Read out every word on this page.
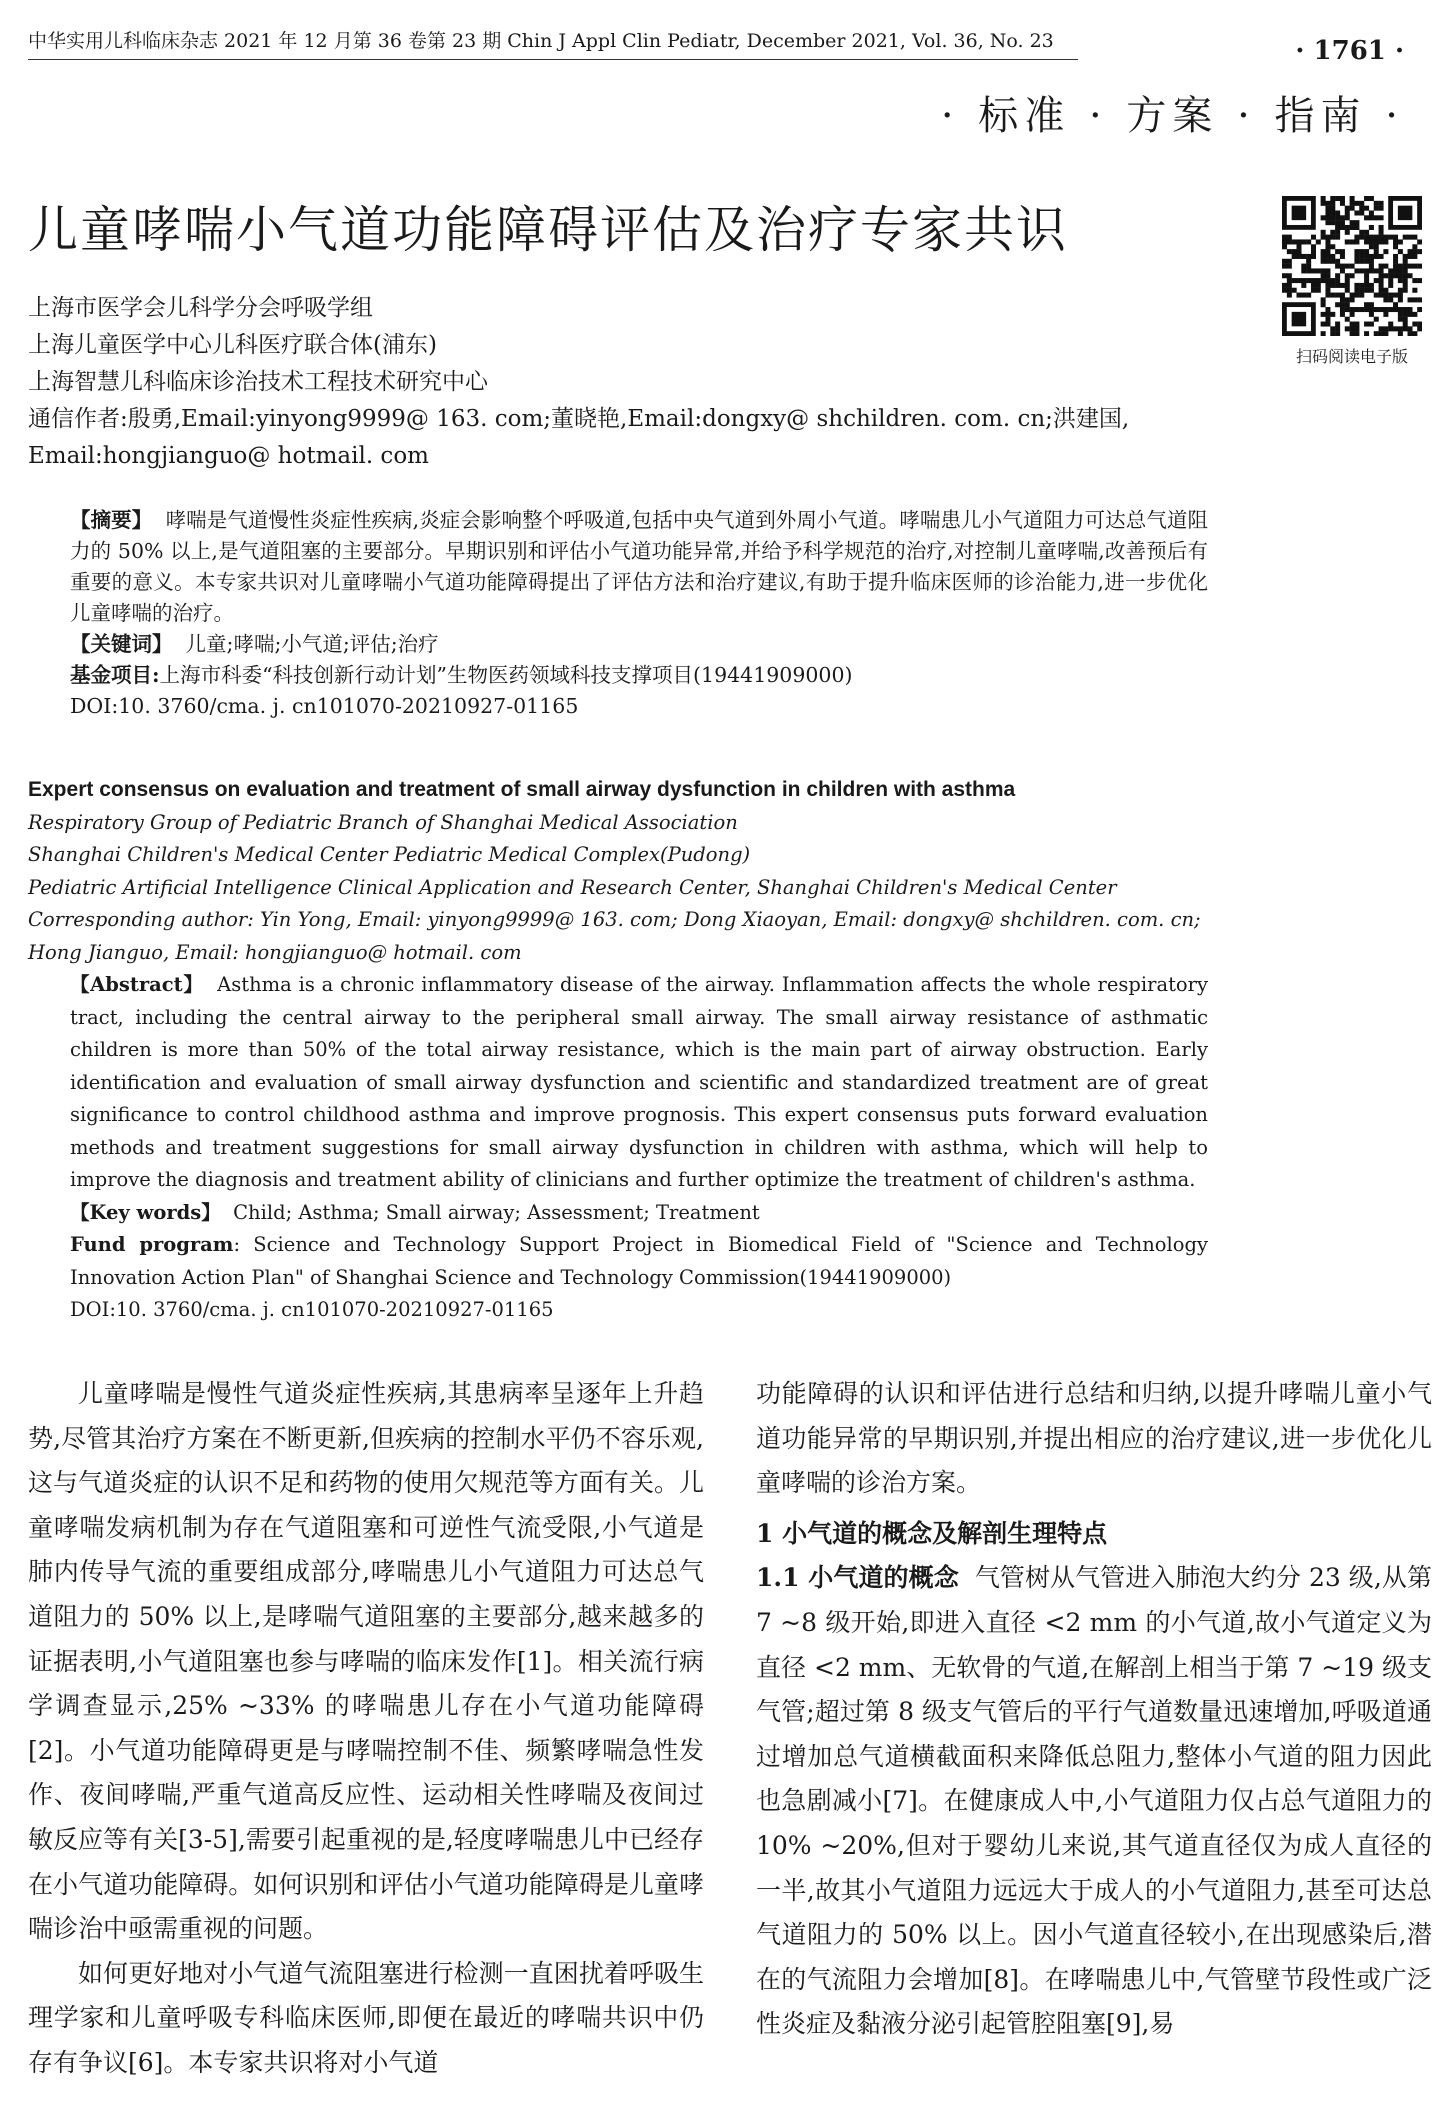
中华实用儿科临床杂志 2021 年 12 月第 36 卷第 23 期 Chin J Appl Clin Pediatr, December 2021, Vol. 36, No. 23	· 1761 ·
· 标准 · 方案 · 指南 ·
儿童哮喘小气道功能障碍评估及治疗专家共识
扫码阅读电子版
上海市医学会儿科学分会呼吸学组
上海儿童医学中心儿科医疗联合体(浦东)
上海智慧儿科临床诊治技术工程技术研究中心
通信作者:殷勇,Email:yinyong9999@ 163. com;董晓艳,Email:dongxy@ shchildren. com. cn;洪建国,
Email:hongjianguo@ hotmail. com

【摘要】 哮喘是气道慢性炎症性疾病,炎症会影响整个呼吸道,包括中央气道到外周小气道。哮喘患儿小气道阻力可达总气道阻力的 50% 以上,是气道阻塞的主要部分。早期识别和评估小气道功能异常,并给予科学规范的治疗,对控制儿童哮喘,改善预后有重要的意义。本专家共识对儿童哮喘小气道功能障碍提出了评估方法和治疗建议,有助于提升临床医师的诊治能力,进一步优化儿童哮喘的治疗。

【关键词】 儿童;哮喘;小气道;评估;治疗

基金项目:上海市科委“科技创新行动计划”生物医药领域科技支撑项目(19441909000)

DOI:10. 3760/cma. j. cn101070-20210927-01165

Expert consensus on evaluation and treatment of small airway dysfunction in children with asthma
Respiratory Group of Pediatric Branch of Shanghai Medical Association
Shanghai Children's Medical Center Pediatric Medical Complex(Pudong)
Pediatric Artificial Intelligence Clinical Application and Research Center, Shanghai Children's Medical Center
Corresponding author: Yin Yong, Email: yinyong9999@ 163. com; Dong Xiaoyan, Email: dongxy@ shchildren. com. cn;
Hong Jianguo, Email: hongjianguo@ hotmail. com

【Abstract】 Asthma is a chronic inflammatory disease of the airway. Inflammation affects the whole respiratory tract, including the central airway to the peripheral small airway. The small airway resistance of asthmatic children is more than 50% of the total airway resistance, which is the main part of airway obstruction. Early identification and evaluation of small airway dysfunction and scientific and standardized treatment are of great significance to control childhood asthma and improve prognosis. This expert consensus puts forward evaluation methods and treatment suggestions for small airway dysfunction in children with asthma, which will help to improve the diagnosis and treatment ability of clinicians and further optimize the treatment of children's asthma.

【Key words】 Child; Asthma; Small airway; Assessment; Treatment

Fund program: Science and Technology Support Project in Biomedical Field of "Science and Technology Innovation Action Plan" of Shanghai Science and Technology Commission(19441909000)

DOI:10. 3760/cma. j. cn101070-20210927-01165

儿童哮喘是慢性气道炎症性疾病,其患病率呈逐年上升趋势,尽管其治疗方案在不断更新,但疾病的控制水平仍不容乐观,这与气道炎症的认识不足和药物的使用欠规范等方面有关。儿童哮喘发病机制为存在气道阻塞和可逆性气流受限,小气道是肺内传导气流的重要组成部分,哮喘患儿小气道阻力可达总气道阻力的 50% 以上,是哮喘气道阻塞的主要部分,越来越多的证据表明,小气道阻塞也参与哮喘的临床发作[1]。相关流行病学调查显示,25% ~33% 的哮喘患儿存在小气道功能障碍[2]。小气道功能障碍更是与哮喘控制不佳、频繁哮喘急性发作、夜间哮喘,严重气道高反应性、运动相关性哮喘及夜间过敏反应等有关[3-5],需要引起重视的是,轻度哮喘患儿中已经存在小气道功能障碍。如何识别和评估小气道功能障碍是儿童哮喘诊治中亟需重视的问题。

如何更好地对小气道气流阻塞进行检测一直困扰着呼吸生理学家和儿童呼吸专科临床医师,即便在最近的哮喘共识中仍存有争议[6]。本专家共识将对小气道

功能障碍的认识和评估进行总结和归纳,以提升哮喘儿童小气道功能异常的早期识别,并提出相应的治疗建议,进一步优化儿童哮喘的诊治方案。

1 小气道的概念及解剖生理特点

1.1 小气道的概念 气管树从气管进入肺泡大约分 23 级,从第 7 ~8 级开始,即进入直径 <2 mm 的小气道,故小气道定义为直径 <2 mm、无软骨的气道,在解剖上相当于第 7 ~19 级支气管;超过第 8 级支气管后的平行气道数量迅速增加,呼吸道通过增加总气道横截面积来降低总阻力,整体小气道的阻力因此也急剧减小[7]。在健康成人中,小气道阻力仅占总气道阻力的 10% ~20%,但对于婴幼儿来说,其气道直径仅为成人直径的一半,故其小气道阻力远远大于成人的小气道阻力,甚至可达总气道阻力的 50% 以上。因小气道直径较小,在出现感染后,潜在的气流阻力会增加[8]。在哮喘患儿中,气管壁节段性或广泛性炎症及黏液分泌引起管腔阻塞[9],易
